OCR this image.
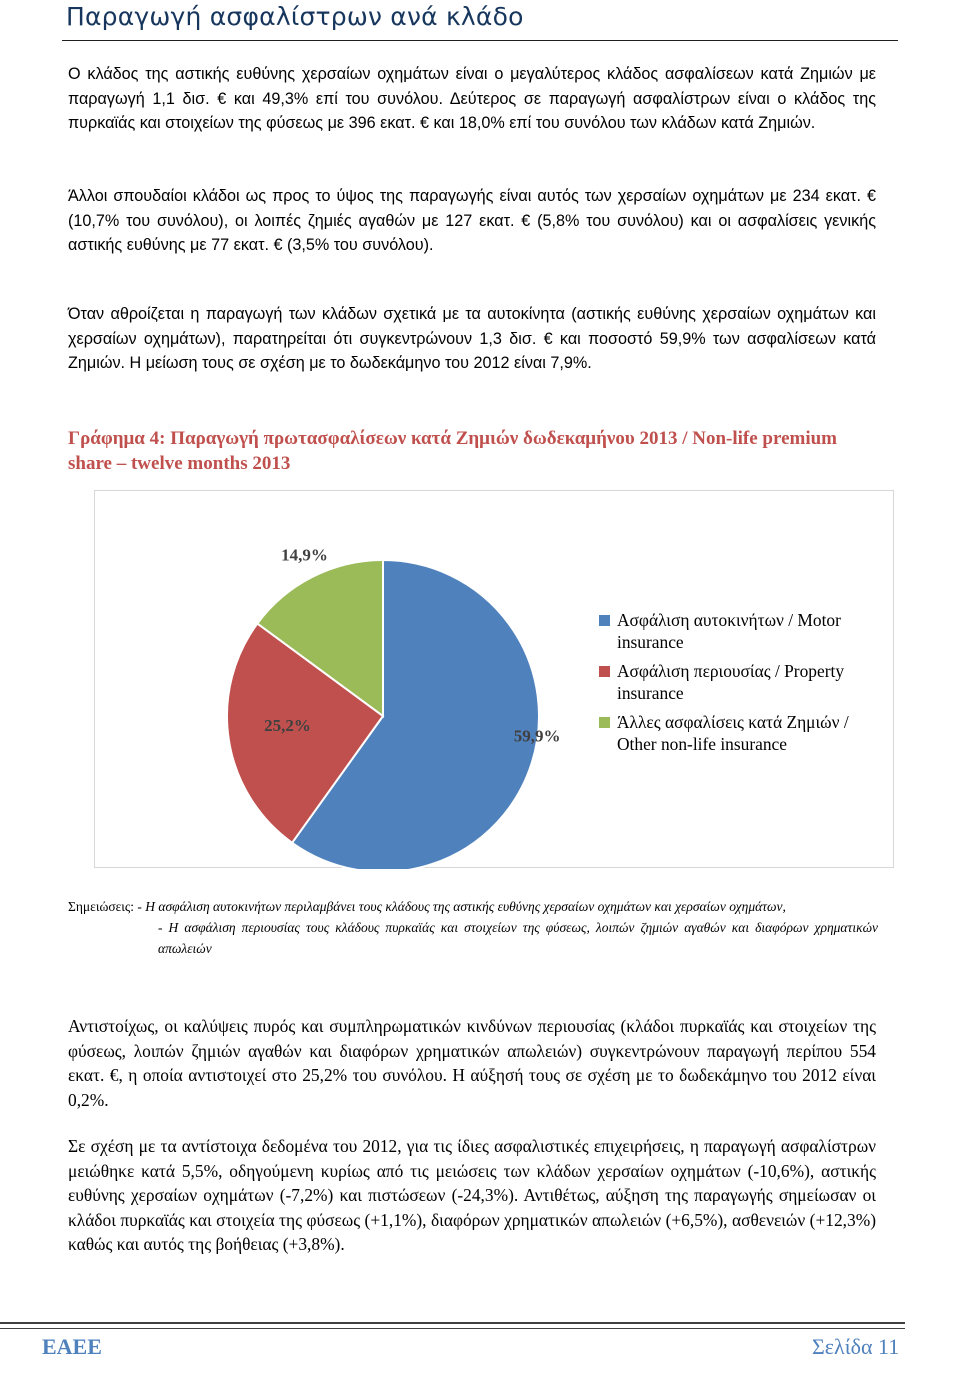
Παραγωγή ασφαλίστρων ανά κλάδο

Ο κλάδος της αστικής ευθύνης χερσαίων οχημάτων είναι ο μεγαλύτερος κλάδος ασφαλίσεων κατά Ζημιών με παραγωγή 1,1 δισ. € και 49,3% επί του συνόλου. Δεύτερος σε παραγωγή ασφαλίστρων είναι ο κλάδος της πυρκαϊάς και στοιχείων της φύσεως με 396 εκατ. € και 18,0% επί του συνόλου των κλάδων κατά Ζημιών.

Άλλοι σπουδαίοι κλάδοι ως προς το ύψος της παραγωγής είναι αυτός των χερσαίων οχημάτων με 234 εκατ. € (10,7% του συνόλου), οι λοιπές ζημιές αγαθών με 127 εκατ. € (5,8% του συνόλου) και οι ασφαλίσεις γενικής αστικής ευθύνης με 77 εκατ. € (3,5% του συνόλου).

Όταν αθροίζεται η παραγωγή των κλάδων σχετικά με τα αυτοκίνητα (αστικής ευθύνης χερσαίων οχημάτων και χερσαίων οχημάτων), παρατηρείται ότι συγκεντρώνουν 1,3 δισ. € και ποσοστό 59,9% των ασφαλίσεων κατά Ζημιών. Η μείωση τους σε σχέση με το δωδεκάμηνο του 2012 είναι 7,9%.

Γράφημα 4: Παραγωγή πρωτασφαλίσεων κατά Ζημιών δωδεκαμήνου 2013 / Non-life premium share – twelve months 2013
59,9%
25,2%
14,9%
Ασφάλιση αυτοκινήτων / Motor insurance
Ασφάλιση περιουσίας / Property insurance
Άλλες ασφαλίσεις κατά Ζημιών / Other non-life insurance
Σημειώσεις: - Η ασφάλιση αυτοκινήτων περιλαμβάνει τους κλάδους της αστικής ευθύνης χερσαίων οχημάτων και χερσαίων οχημάτων,
- Η ασφάλιση περιουσίας τους κλάδους πυρκαϊάς και στοιχείων της φύσεως, λοιπών ζημιών αγαθών και διαφόρων χρηματικών απωλειών

Αντιστοίχως, οι καλύψεις πυρός και συμπληρωματικών κινδύνων περιουσίας (κλάδοι πυρκαϊάς και στοιχείων της φύσεως, λοιπών ζημιών αγαθών και διαφόρων χρηματικών απωλειών) συγκεντρώνουν παραγωγή περίπου 554 εκατ. €, η οποία αντιστοιχεί στο 25,2% του συνόλου. Η αύξησή τους σε σχέση με το δωδεκάμηνο του 2012 είναι 0,2%.

Σε σχέση με τα αντίστοιχα δεδομένα του 2012, για τις ίδιες ασφαλιστικές επιχειρήσεις, η παραγωγή ασφαλίστρων μειώθηκε κατά 5,5%, οδηγούμενη κυρίως από τις μειώσεις των κλάδων χερσαίων οχημάτων (-10,6%), αστικής ευθύνης χερσαίων οχημάτων (-7,2%) και πιστώσεων (-24,3%). Αντιθέτως, αύξηση της παραγωγής σημείωσαν οι κλάδοι πυρκαϊάς και στοιχεία της φύσεως (+1,1%), διαφόρων χρηματικών απωλειών (+6,5%), ασθενειών (+12,3%) καθώς και αυτός της βοήθειας (+3,8%).

ΕΑΕΕ	Σελίδα 11
